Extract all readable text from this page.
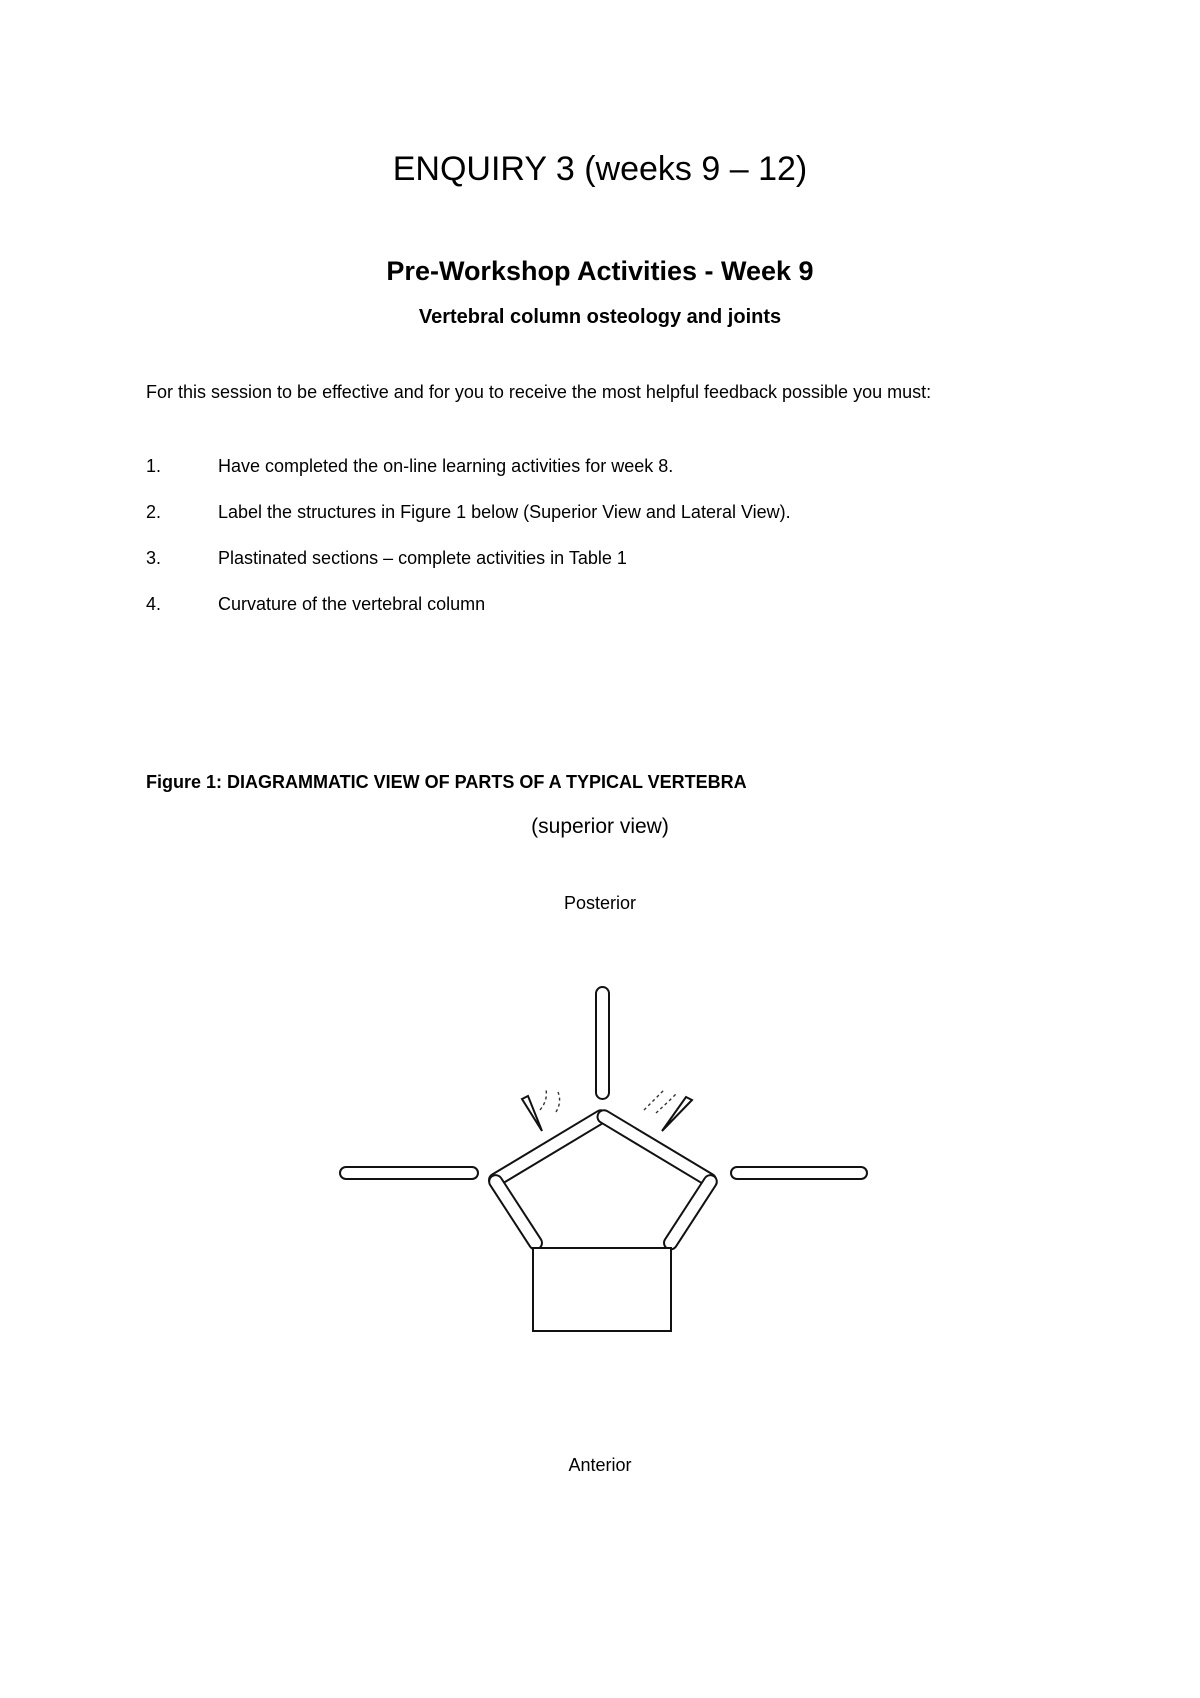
ENQUIRY 3 (weeks 9 – 12)
Pre-Workshop Activities - Week 9
Vertebral column osteology and joints
For this session to be effective and for you to receive the most helpful feedback possible you must:
1.	Have completed the on-line learning activities for week 8.
2.	Label the structures in Figure 1 below (Superior View and Lateral View).
3.	Plastinated sections – complete activities in Table 1
4.	Curvature of the vertebral column
Figure 1: DIAGRAMMATIC VIEW OF PARTS OF A TYPICAL VERTEBRA
(superior view)
Posterior
Anterior
